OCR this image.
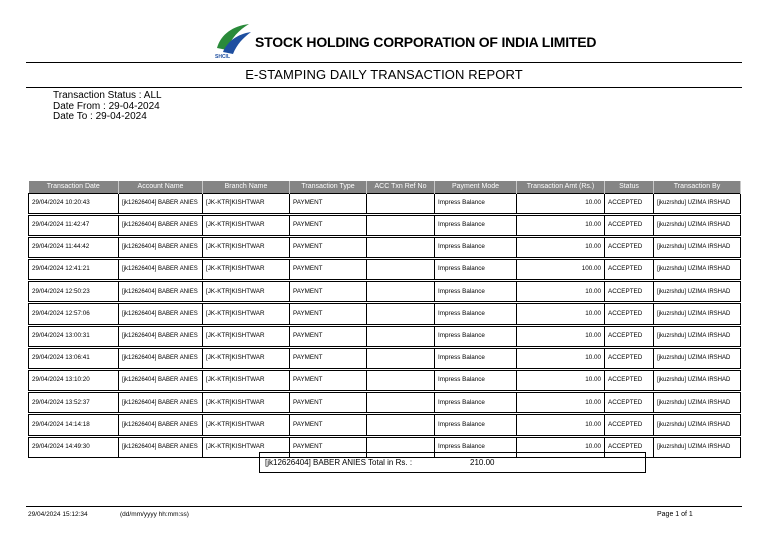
SHCIL
STOCK HOLDING CORPORATION OF INDIA LIMITED
E-STAMPING DAILY TRANSACTION REPORT
Transaction Status : ALL
Date From : 29-04-2024
Date To : 29-04-2024
Transaction Date	Account Name	Branch Name	Transaction Type	ACC Txn Ref No	Payment Mode	Transaction Amt (Rs.)	Status	Transaction By
29/04/2024 10:20:43	[jk12626404] BABER ANIES	[JK-KTR]KISHTWAR	PAYMENT		Impress Balance	10.00	ACCEPTED	[jkuzrshdu] UZIMA IRSHAD

29/04/2024 11:42:47	[jk12626404] BABER ANIES	[JK-KTR]KISHTWAR	PAYMENT		Impress Balance	10.00	ACCEPTED	[jkuzrshdu] UZIMA IRSHAD

29/04/2024 11:44:42	[jk12626404] BABER ANIES	[JK-KTR]KISHTWAR	PAYMENT		Impress Balance	10.00	ACCEPTED	[jkuzrshdu] UZIMA IRSHAD

29/04/2024 12:41:21	[jk12626404] BABER ANIES	[JK-KTR]KISHTWAR	PAYMENT		Impress Balance	100.00	ACCEPTED	[jkuzrshdu] UZIMA IRSHAD

29/04/2024 12:50:23	[jk12626404] BABER ANIES	[JK-KTR]KISHTWAR	PAYMENT		Impress Balance	10.00	ACCEPTED	[jkuzrshdu] UZIMA IRSHAD

29/04/2024 12:57:06	[jk12626404] BABER ANIES	[JK-KTR]KISHTWAR	PAYMENT		Impress Balance	10.00	ACCEPTED	[jkuzrshdu] UZIMA IRSHAD

29/04/2024 13:00:31	[jk12626404] BABER ANIES	[JK-KTR]KISHTWAR	PAYMENT		Impress Balance	10.00	ACCEPTED	[jkuzrshdu] UZIMA IRSHAD

29/04/2024 13:06:41	[jk12626404] BABER ANIES	[JK-KTR]KISHTWAR	PAYMENT		Impress Balance	10.00	ACCEPTED	[jkuzrshdu] UZIMA IRSHAD

29/04/2024 13:10:20	[jk12626404] BABER ANIES	[JK-KTR]KISHTWAR	PAYMENT		Impress Balance	10.00	ACCEPTED	[jkuzrshdu] UZIMA IRSHAD

29/04/2024 13:52:37	[jk12626404] BABER ANIES	[JK-KTR]KISHTWAR	PAYMENT		Impress Balance	10.00	ACCEPTED	[jkuzrshdu] UZIMA IRSHAD

29/04/2024 14:14:18	[jk12626404] BABER ANIES	[JK-KTR]KISHTWAR	PAYMENT		Impress Balance	10.00	ACCEPTED	[jkuzrshdu] UZIMA IRSHAD

29/04/2024 14:49:30	[jk12626404] BABER ANIES	[JK-KTR]KISHTWAR	PAYMENT		Impress Balance	10.00	ACCEPTED	[jkuzrshdu] UZIMA IRSHAD
[jk12626404] BABER ANIES Total in Rs. :	210.00
29/04/2024 15:12:34	(dd/mm/yyyy hh:mm:ss)	Page 1 of 1
